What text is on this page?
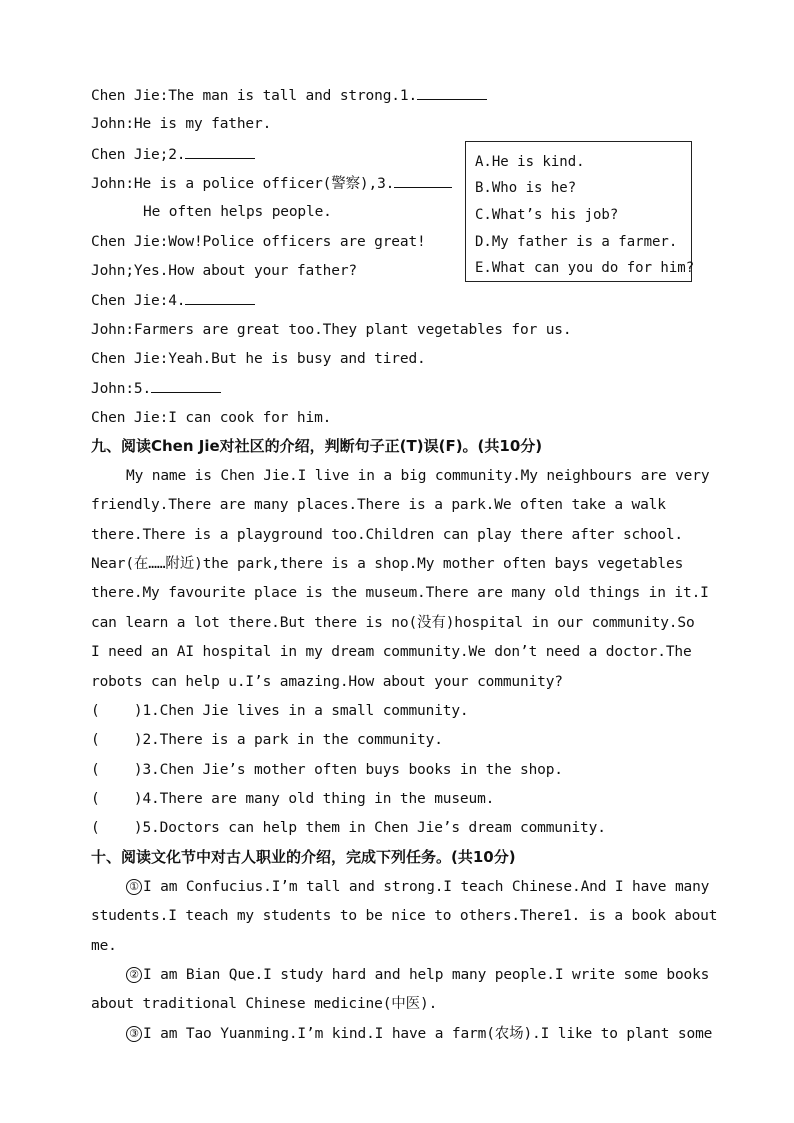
Chen Jie:The man is tall and strong.1.
John:He is my father.
Chen Jie;2.
John:He is a police officer(警察),3.
He often helps people.
Chen Jie:Wow!Police officers are great!
John;Yes.How about your father?
Chen Jie:4.
John:Farmers are great too.They plant vegetables for us.
Chen Jie:Yeah.But he is busy and tired.
John:5.
Chen Jie:I can cook for him.
A.He is kind.
B.Who is he?
C.What’s his job?
D.My father is a farmer.
E.What can you do for him?
九、阅读Chen Jie对社区的介绍，判断句子正(T)误(F)。(共10分)
My name is Chen Jie.I live in a big community.My neighbours are very
friendly.There are many places.There is a park.We often take a walk
there.There is a playground too.Children can play there after school.
Near(在……附近)the park,there is a shop.My mother often bays vegetables
there.My favourite place is the museum.There are many old things in it.I
can learn a lot there.But there is no(没有)hospital in our community.So
I need an AI hospital in my dream community.We don’t need a doctor.The
robots can help u.I’s amazing.How about your community?
(    )1.Chen Jie lives in a small community.
(    )2.There is a park in the community.
(    )3.Chen Jie’s mother often buys books in the shop.
(    )4.There are many old thing in the museum.
(    )5.Doctors can help them in Chen Jie’s dream community.
十、阅读文化节中对古人职业的介绍，完成下列任务。(共10分)
① I am Confucius.I’m tall and strong.I teach Chinese.And I have many
students.I teach my students to be nice to others.There1. is a book about
me.
② I am Bian Que.I study hard and help many people.I write some books
about traditional Chinese medicine(中医).
③ I am Tao Yuanming.I’m kind.I have a farm(农场).I like to plant some
